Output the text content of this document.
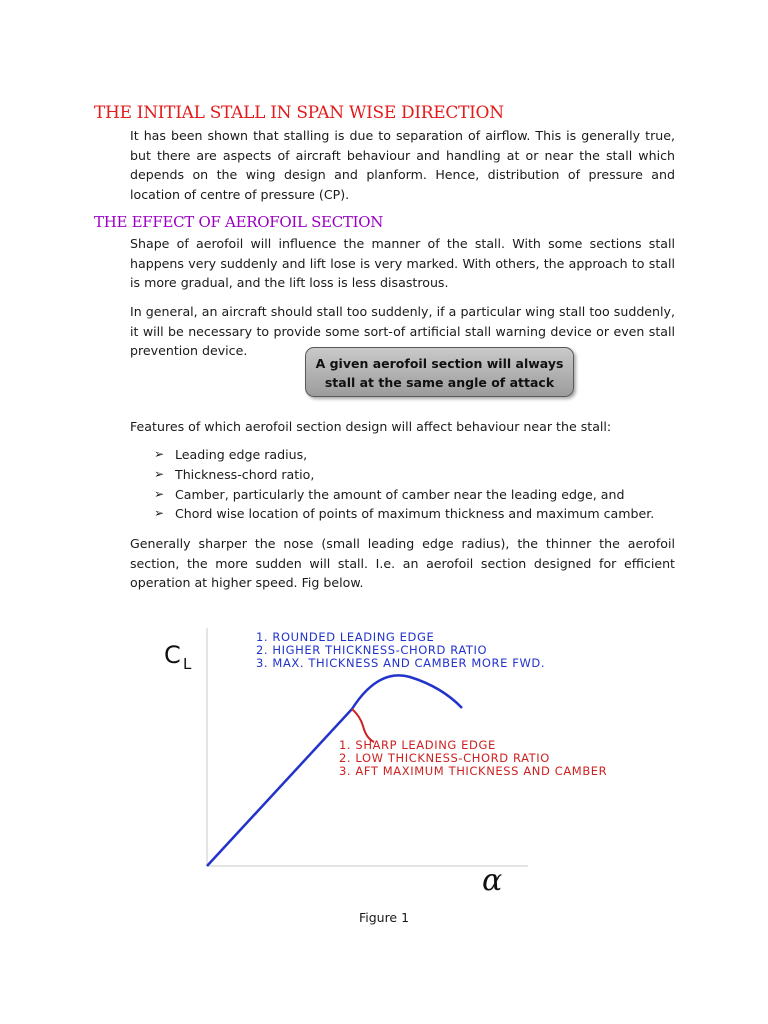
THE INITIAL STALL IN SPAN WISE DIRECTION

It has been shown that stalling is due to separation of airflow. This is generally true, but there are aspects of aircraft behaviour and handling at or near the stall which depends on the wing design and planform. Hence, distribution of pressure and location of centre of pressure (CP).

THE EFFECT OF AEROFOIL SECTION

Shape of aerofoil will influence the manner of the stall. With some sections stall happens very suddenly and lift lose is very marked. With others, the approach to stall is more gradual, and the lift loss is less disastrous.

In general, an aircraft should stall too suddenly, if a particular wing stall too suddenly, it will be necessary to provide some sort-of artificial stall warning device or even stall prevention device.

A given aerofoil section will always
stall at the same angle of attack

Features of which aerofoil section design will affect behaviour near the stall:

➢ Leading edge radius,
➢ Thickness-chord ratio,
➢ Camber, particularly the amount of camber near the leading edge, and
➢ Chord wise location of points of maximum thickness and maximum camber.

Generally sharper the nose (small leading edge radius), the thinner the aerofoil section, the more sudden will stall. I.e. an aerofoil section designed for efficient operation at higher speed. Fig below.

C L
α
1. ROUNDED LEADING EDGE
2. HIGHER THICKNESS-CHORD RATIO
3. MAX. THICKNESS AND CAMBER MORE FWD.
1. SHARP LEADING EDGE
2. LOW THICKNESS-CHORD RATIO
3. AFT MAXIMUM THICKNESS AND CAMBER
Figure 1
